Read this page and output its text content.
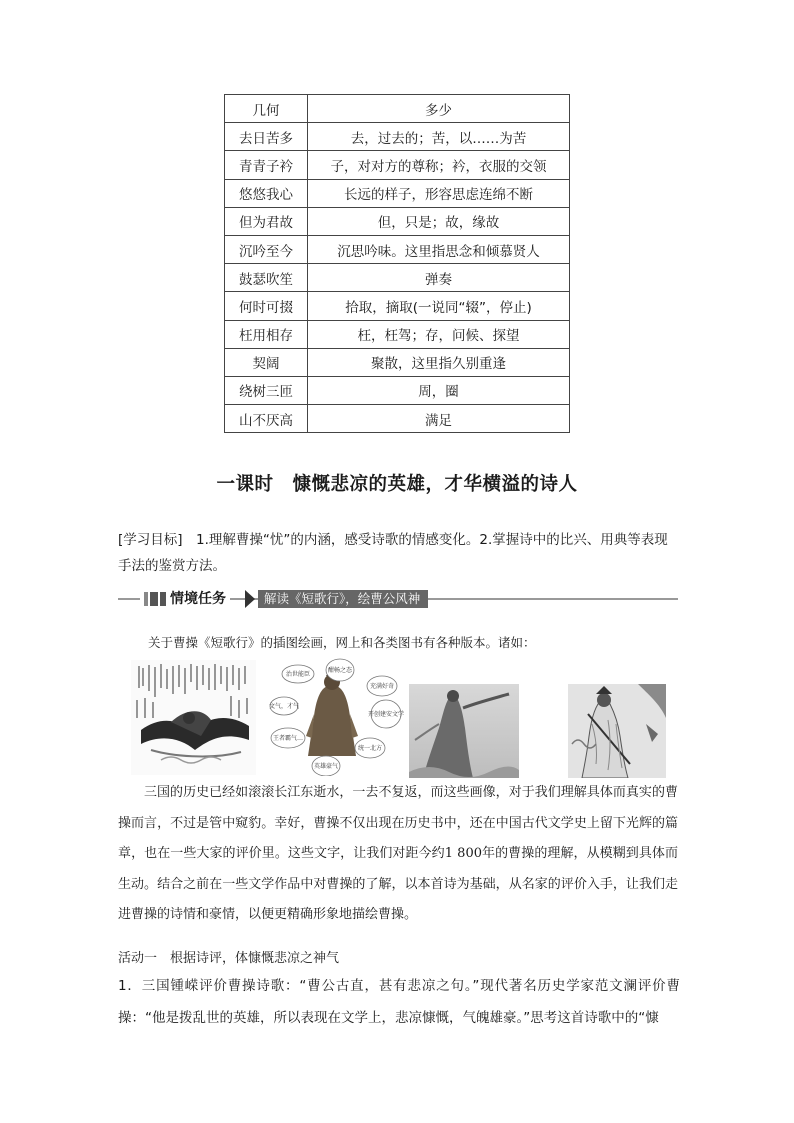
几何	多少
去日苦多	去，过去的；苦，以……为苦
青青子衿	子，对对方的尊称；衿，衣服的交领
悠悠我心	长远的样子，形容思虑连绵不断
但为君故	但，只是；故，缘故
沉吟至今	沉思吟味。这里指思念和倾慕贤人
鼓瑟吹笙	弹奏
何时可掇	拾取，摘取(一说同“辍”，停止)
枉用相存	枉，枉驾；存，问候、探望
契阔	聚散，这里指久别重逢
绕树三匝	周，圈
山不厌高	满足
一课时　慷慨悲凉的英雄，才华横溢的诗人
[学习目标]　1.理解曹操“忧”的内涵，感受诗歌的情感变化。2.掌握诗中的比兴、用典等表现手法的鉴赏方法。
情境任务	解读《短歌行》，绘曹公风神
关于曹操《短歌行》的插图绘画，网上和各类图书有各种版本。诸如：
治世能臣
酣畅之态
文气，才气
充满好奇
王者霸气…
开创建安文学
英雄豪气
统一北方
三国的历史已经如滚滚长江东逝水，一去不复返，而这些画像，对于我们理解具体而真实的曹操而言，不过是管中窥豹。幸好，曹操不仅出现在历史书中，还在中国古代文学史上留下光辉的篇章，也在一些大家的评价里。这些文字，让我们对距今约1 800年的曹操的理解，从模糊到具体而生动。结合之前在一些文学作品中对曹操的了解，以本首诗为基础，从名家的评价入手，让我们走进曹操的诗情和豪情，以便更精确形象地描绘曹操。
活动一　根据诗评，体慷慨悲凉之神气
1．三国锺嵘评价曹操诗歌：“曹公古直，甚有悲凉之句。”现代著名历史学家范文澜评价曹操：“他是拨乱世的英雄，所以表现在文学上，悲凉慷慨，气魄雄豪。”思考这首诗歌中的“慷
